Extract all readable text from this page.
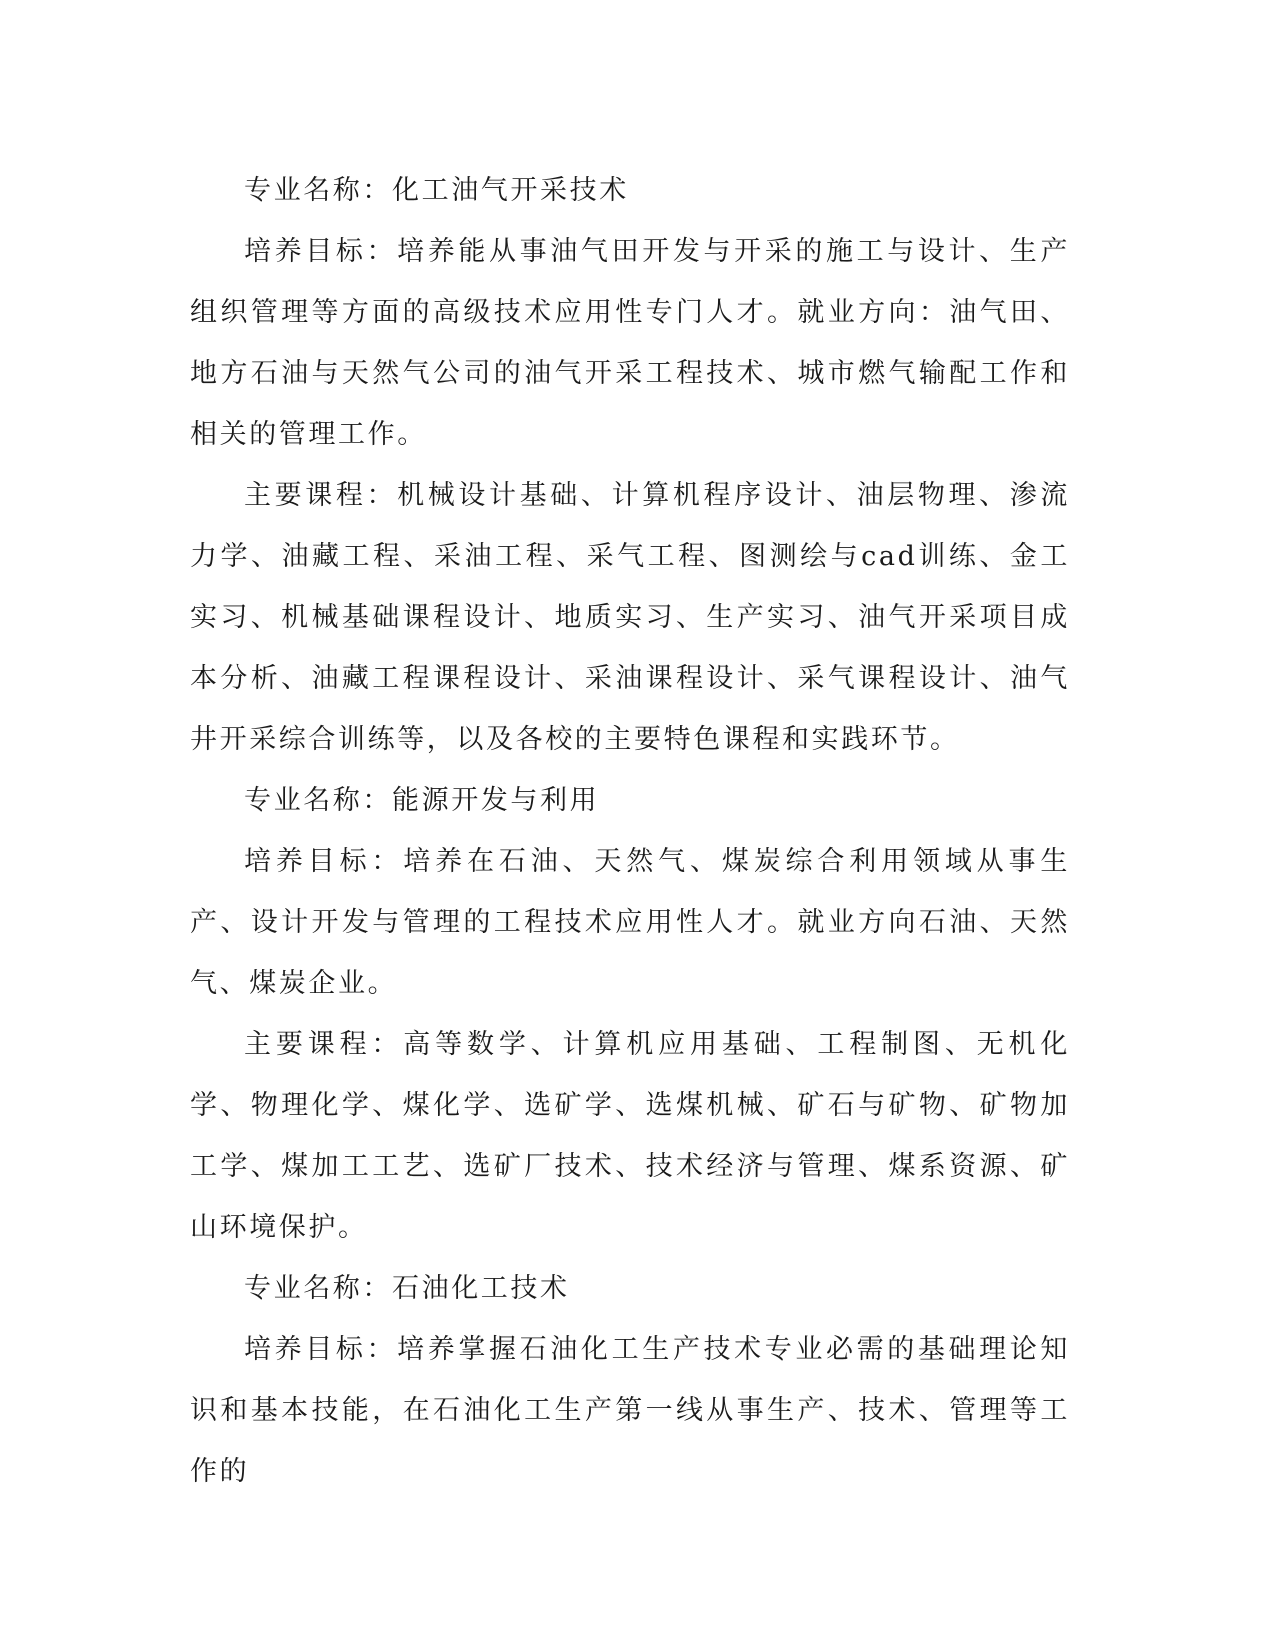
专业名称：化工油气开采技术

培养目标：培养能从事油气田开发与开采的施工与设计、生产组织管理等方面的高级技术应用性专门人才。就业方向：油气田、地方石油与天然气公司的油气开采工程技术、城市燃气输配工作和相关的管理工作。

主要课程：机械设计基础、计算机程序设计、油层物理、渗流力学、油藏工程、采油工程、采气工程、图测绘与cad训练、金工实习、机械基础课程设计、地质实习、生产实习、油气开采项目成本分析、油藏工程课程设计、采油课程设计、采气课程设计、油气井开采综合训练等，以及各校的主要特色课程和实践环节。

专业名称：能源开发与利用

培养目标：培养在石油、天然气、煤炭综合利用领域从事生产、设计开发与管理的工程技术应用性人才。就业方向石油、天然气、煤炭企业。

主要课程：高等数学、计算机应用基础、工程制图、无机化学、物理化学、煤化学、选矿学、选煤机械、矿石与矿物、矿物加工学、煤加工工艺、选矿厂技术、技术经济与管理、煤系资源、矿山环境保护。

专业名称：石油化工技术

培养目标：培养掌握石油化工生产技术专业必需的基础理论知识和基本技能，在石油化工生产第一线从事生产、技术、管理等工作的
